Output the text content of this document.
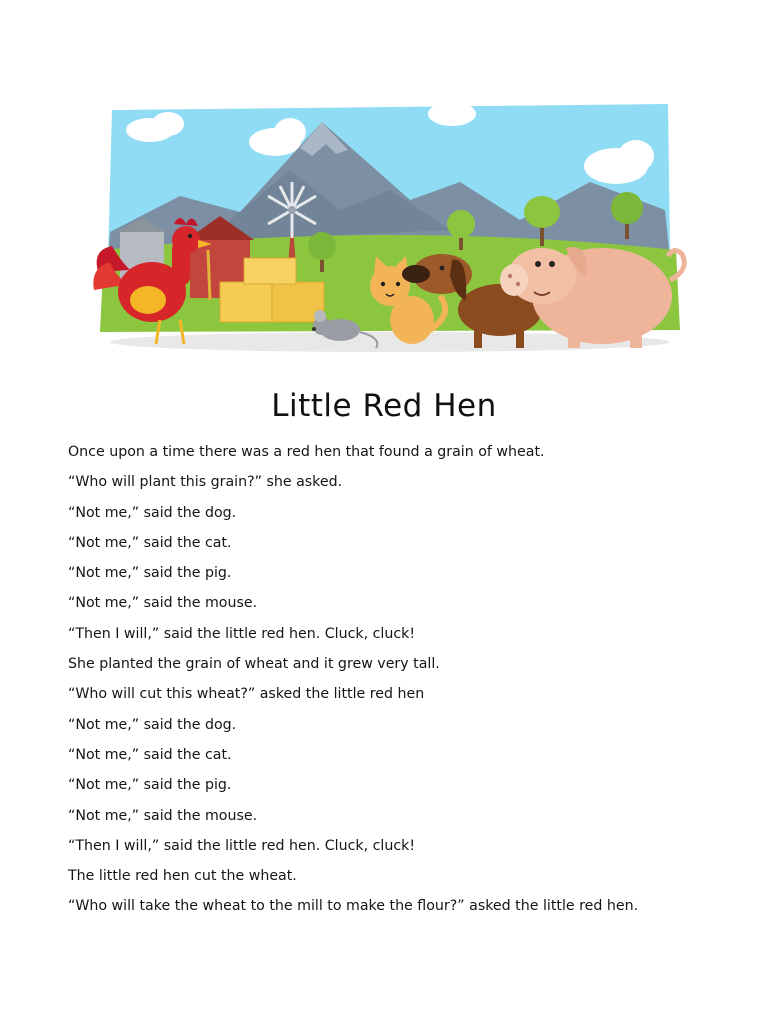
Little Red Hen
Once upon a time there was a red hen that found a grain of wheat.
“Who will plant this grain?” she asked.
“Not me,” said the dog.
“Not me,” said the cat.
“Not me,” said the pig.
“Not me,” said the mouse.
“Then I will,” said the little red hen. Cluck, cluck!
She planted the grain of wheat and it grew very tall.
“Who will cut this wheat?” asked the little red hen
“Not me,” said the dog.
“Not me,” said the cat.
“Not me,” said the pig.
“Not me,” said the mouse.
“Then I will,” said the little red hen. Cluck, cluck!
The little red hen cut the wheat.
“Who will take the wheat to the mill to make the flour?” asked the little red hen.
